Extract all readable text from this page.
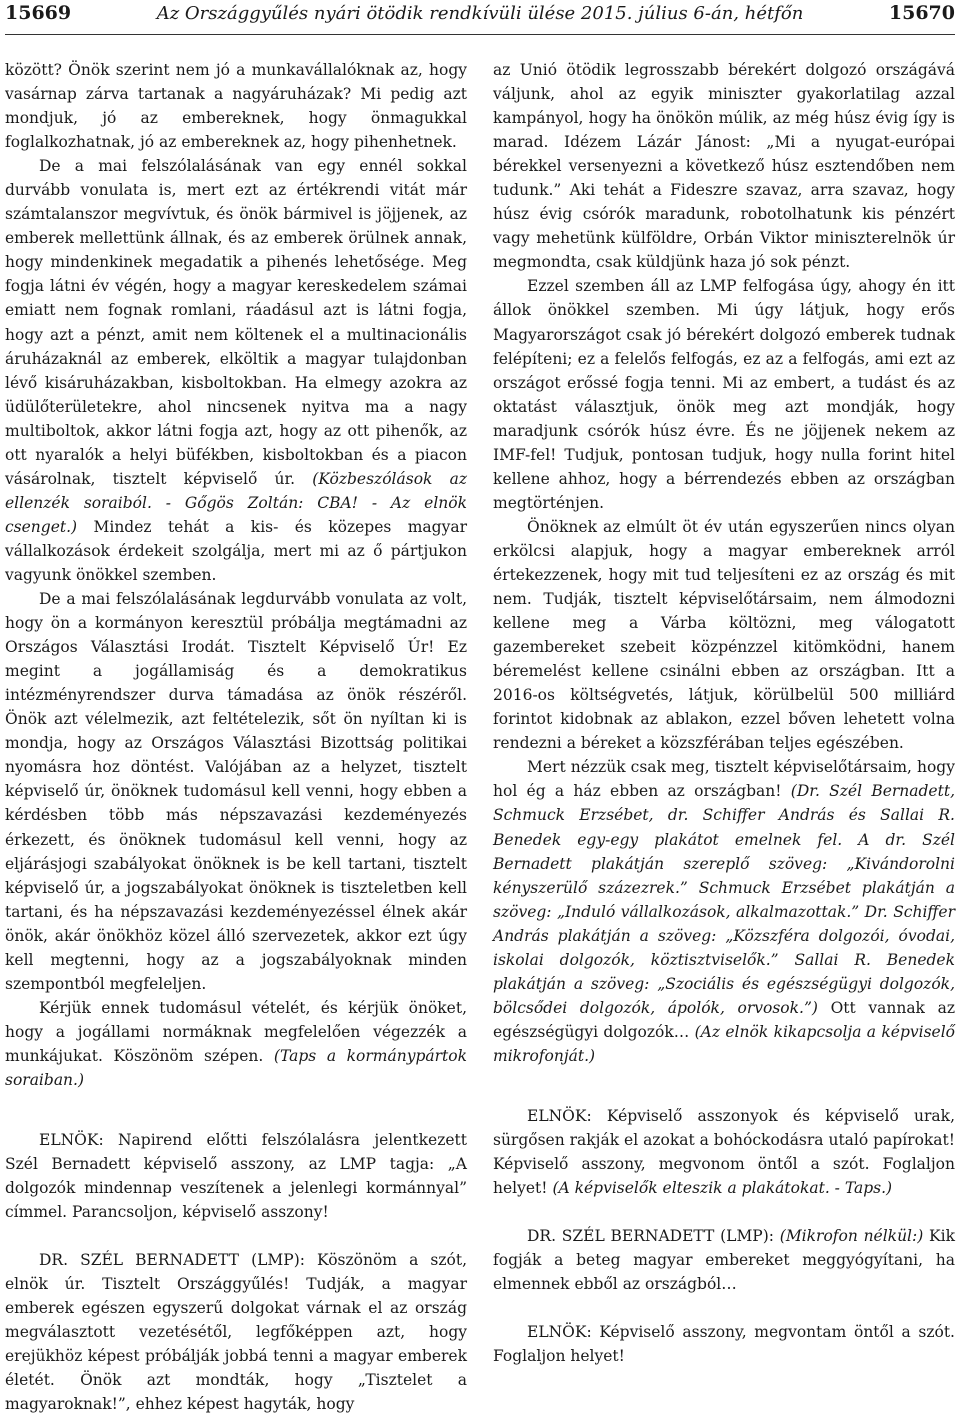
15669	Az Országgyűlés nyári ötödik rendkívüli ülése 2015. július 6-án, hétfőn	15670

között? Önök szerint nem jó a munkavállalóknak az, hogy vasárnap zárva tartanak a nagyáruházak? Mi pedig azt mondjuk, jó az embereknek, hogy önmagukkal foglalkozhatnak, jó az embereknek az, hogy pihenhetnek.

De a mai felszólalásának van egy ennél sokkal durvább vonulata is, mert ezt az értékrendi vitát már számtalanszor megvívtuk, és önök bármivel is jöjjenek, az emberek mellettünk állnak, és az emberek örülnek annak, hogy mindenkinek megadatik a pihenés lehetősége. Meg fogja látni év végén, hogy a magyar kereskedelem számai emiatt nem fognak romlani, ráadásul azt is látni fogja, hogy azt a pénzt, amit nem költenek el a multinacionális áruházaknál az emberek, elköltik a magyar tulajdonban lévő kisáruházakban, kisboltokban. Ha elmegy azokra az üdülőterületekre, ahol nincsenek nyitva ma a nagy multiboltok, akkor látni fogja azt, hogy az ott pihenők, az ott nyaralók a helyi büfékben, kisboltokban és a piacon vásárolnak, tisztelt képviselő úr. (Közbeszólások az ellenzék soraiból. - Gőgös Zoltán: CBA! - Az elnök csenget.) Mindez tehát a kis- és közepes magyar vállalkozások érdekeit szolgálja, mert mi az ő pártjukon vagyunk önökkel szemben.

De a mai felszólalásának legdurvább vonulata az volt, hogy ön a kormányon keresztül próbálja megtámadni az Országos Választási Irodát. Tisztelt Képviselő Úr! Ez megint a jogállamiság és a demokratikus intézményrendszer durva támadása az önök részéről. Önök azt vélelmezik, azt feltételezik, sőt ön nyíltan ki is mondja, hogy az Országos Választási Bizottság politikai nyomásra hoz döntést. Valójában az a helyzet, tisztelt képviselő úr, önöknek tudomásul kell venni, hogy ebben a kérdésben több más népszavazási kezdeményezés érkezett, és önöknek tudomásul kell venni, hogy az eljárásjogi szabályokat önöknek is be kell tartani, tisztelt képviselő úr, a jogszabályokat önöknek is tiszteletben kell tartani, és ha népszavazási kezdeményezéssel élnek akár önök, akár önökhöz közel álló szervezetek, akkor ezt úgy kell megtenni, hogy az a jogszabályoknak minden szempontból megfeleljen.

Kérjük ennek tudomásul vételét, és kérjük önöket, hogy a jogállami normáknak megfelelően végezzék a munkájukat. Köszönöm szépen. (Taps a kormánypártok soraiban.)

ELNÖK: Napirend előtti felszólalásra jelentkezett Szél Bernadett képviselő asszony, az LMP tagja: „A dolgozók mindennap veszítenek a jelenlegi kormánnyal” címmel. Parancsoljon, képviselő asszony!

DR. SZÉL BERNADETT (LMP): Köszönöm a szót, elnök úr. Tisztelt Országgyűlés! Tudják, a magyar emberek egészen egyszerű dolgokat várnak el az ország megválasztott vezetésétől, legfőképpen azt, hogy erejükhöz képest próbálják jobbá tenni a magyar emberek életét. Önök azt mondták, hogy „Tisztelet a magyaroknak!”, ehhez képest hagyták, hogy

az Unió ötödik legrosszabb bérekért dolgozó országává váljunk, ahol az egyik miniszter gyakorlatilag azzal kampányol, hogy ha önökön múlik, az még húsz évig így is marad. Idézem Lázár Jánost: „Mi a nyugat-európai bérekkel versenyezni a következő húsz esztendőben nem tudunk.” Aki tehát a Fideszre szavaz, arra szavaz, hogy húsz évig csórók maradunk, robotolhatunk kis pénzért vagy mehetünk külföldre, Orbán Viktor miniszterelnök úr megmondta, csak küldjünk haza jó sok pénzt.

Ezzel szemben áll az LMP felfogása úgy, ahogy én itt állok önökkel szemben. Mi úgy látjuk, hogy erős Magyarországot csak jó bérekért dolgozó emberek tudnak felépíteni; ez a felelős felfogás, ez az a felfogás, ami ezt az országot erőssé fogja tenni. Mi az embert, a tudást és az oktatást választjuk, önök meg azt mondják, hogy maradjunk csórók húsz évre. És ne jöjjenek nekem az IMF-fel! Tudjuk, pontosan tudjuk, hogy nulla forint hitel kellene ahhoz, hogy a bérrendezés ebben az országban megtörténjen.

Önöknek az elmúlt öt év után egyszerűen nincs olyan erkölcsi alapjuk, hogy a magyar embereknek arról értekezzenek, hogy mit tud teljesíteni ez az ország és mit nem. Tudják, tisztelt képviselőtársaim, nem álmodozni kellene meg a Várba költözni, meg válogatott gazembereket szebeit közpénzzel kitömködni, hanem béremelést kellene csinálni ebben az országban. Itt a 2016-os költségvetés, látjuk, körülbelül 500 milliárd forintot kidobnak az ablakon, ezzel bőven lehetett volna rendezni a béreket a közszférában teljes egészében.

Mert nézzük csak meg, tisztelt képviselőtársaim, hogy hol ég a ház ebben az országban! (Dr. Szél Bernadett, Schmuck Erzsébet, dr. Schiffer András és Sallai R. Benedek egy-egy plakátot emelnek fel. A dr. Szél Bernadett plakátján szereplő szöveg: „Kivándorolni kényszerülő százezrek.” Schmuck Erzsébet plakátján a szöveg: „Induló vállalkozások, alkalmazottak.” Dr. Schiffer András plakátján a szöveg: „Közszféra dolgozói, óvodai, iskolai dolgozók, köztisztviselők.” Sallai R. Benedek plakátján a szöveg: „Szociális és egészségügyi dolgozók, bölcsődei dolgozók, ápolók, orvosok.”) Ott vannak az egészségügyi dolgozók… (Az elnök kikapcsolja a képviselő mikrofonját.)

ELNÖK: Képviselő asszonyok és képviselő urak, sürgősen rakják el azokat a bohóckodásra utaló papírokat! Képviselő asszony, megvonom öntől a szót. Foglaljon helyet! (A képviselők elteszik a plakátokat. - Taps.)

DR. SZÉL BERNADETT (LMP): (Mikrofon nélkül:) Kik fogják a beteg magyar embereket meggyógyítani, ha elmennek ebből az országból…

ELNÖK: Képviselő asszony, megvontam öntől a szót. Foglaljon helyet!
